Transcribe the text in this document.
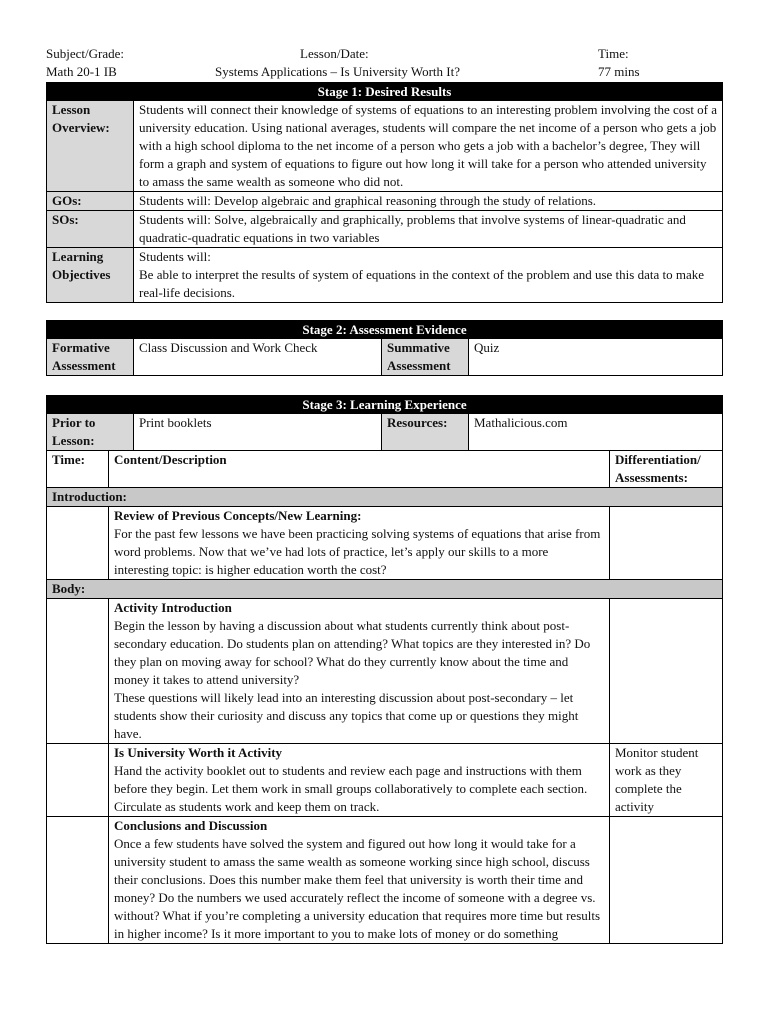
Subject/Grade:
Math 20-1 IB
Lesson/Date:
Systems Applications – Is University Worth It?
Time:
77 mins
Stage 1: Desired Results	
Lesson Overview:	Students will connect their knowledge of systems of equations to an interesting problem involving the cost of a university education. Using national averages, students will compare the net income of a person who gets a job with a high school diploma to the net income of a person who gets a job with a bachelor’s degree, They will form a graph and system of equations to figure out how long it will take for a person who attended university to amass the same wealth as someone who did not.
GOs:	Students will: Develop algebraic and graphical reasoning through the study of relations.
SOs:	Students will: Solve, algebraically and graphically, problems that involve systems of linear-quadratic and quadratic-quadratic equations in two variables
Learning Objectives	Students will:

Be able to interpret the results of system of equations in the context of the problem and use this data to make real-life decisions.

Stage 2: Assessment Evidence
Formative Assessment	Class Discussion and Work Check	Summative Assessment	Quiz
Stage 3: Learning Experience					
Prior to Lesson:		Print booklets	Resources:	Mathalicious.com	
Time:	Content/Description				Differentiation/ Assessments:
Introduction:					

	Review of Previous Concepts/New Learning:

For the past few lessons we have been practicing solving systems of equations that arise from word problems. Now that we’ve had lots of practice, let’s apply our skills to a more interesting topic: is higher education worth the cost?				

Body:					

	Activity Introduction

Begin the lesson by having a discussion about what students currently think about post-secondary education. Do students plan on attending? What topics are they interested in? Do they plan on moving away for school? What do they currently know about the time and money it takes to attend university?

These questions will likely lead into an interesting discussion about post-secondary – let students show their curiosity and discuss any topics that come up or questions they might have.				

	Is University Worth it Activity

Hand the activity booklet out to students and review each page and instructions with them before they begin. Let them work in small groups collaboratively to complete each section. Circulate as students work and keep them on track.				Monitor student work as they complete the activity

	Conclusions and Discussion

Once a few students have solved the system and figured out how long it would take for a university student to amass the same wealth as someone working since high school, discuss their conclusions. Does this number make them feel that university is worth their time and money? Do the numbers we used accurately reflect the income of someone with a degree vs. without? What if you’re completing a university education that requires more time but results in higher income? Is it more important to you to make lots of money or do something				
